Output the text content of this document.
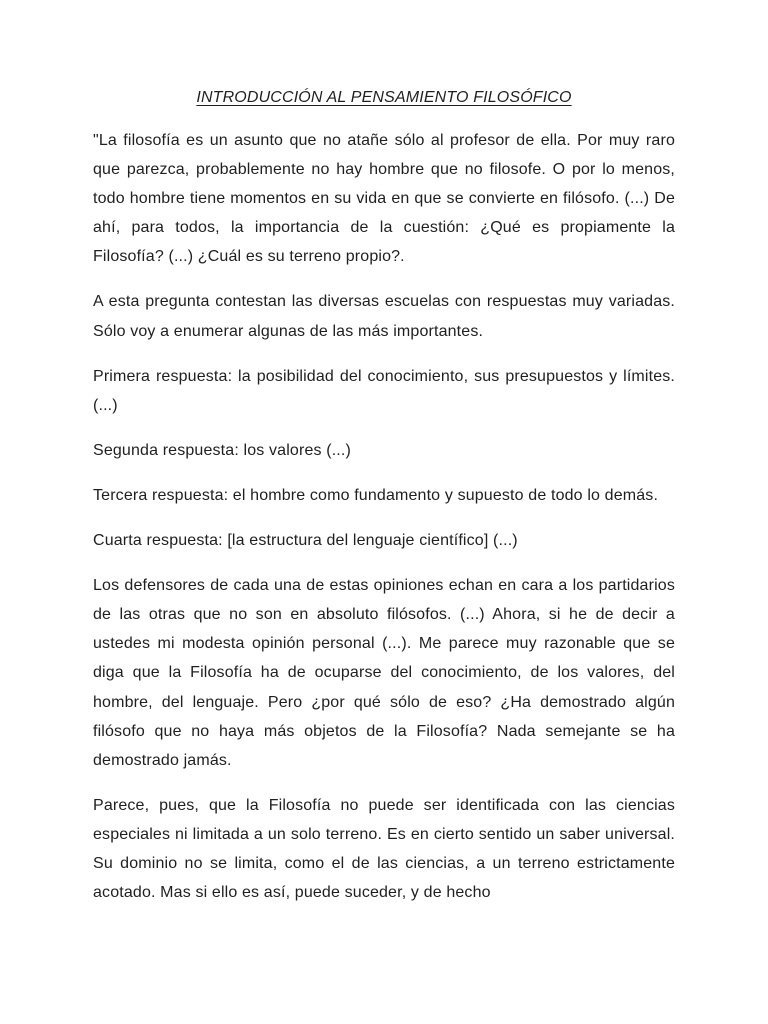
INTRODUCCIÓN AL PENSAMIENTO FILOSÓFICO

"La filosofía es un asunto que no atañe sólo al profesor de ella. Por muy raro que parezca, probablemente no hay hombre que no filosofe. O por lo menos, todo hombre tiene momentos en su vida en que se convierte en filósofo. (...) De ahí, para todos, la importancia de la cuestión: ¿Qué es propiamente la Filosofía? (...) ¿Cuál es su terreno propio?.

A esta pregunta contestan las diversas escuelas con respuestas muy variadas. Sólo voy a enumerar algunas de las más importantes.

Primera respuesta: la posibilidad del conocimiento, sus presupuestos y límites. (...)

Segunda respuesta: los valores (...)

Tercera respuesta: el hombre como fundamento y supuesto de todo lo demás.

Cuarta respuesta: [la estructura del lenguaje científico] (...)

Los defensores de cada una de estas opiniones echan en cara a los partidarios de las otras que no son en absoluto filósofos. (...) Ahora, si he de decir a ustedes mi modesta opinión personal (...). Me parece muy razonable que se diga que la Filosofía ha de ocuparse del conocimiento, de los valores, del hombre, del lenguaje. Pero ¿por qué sólo de eso? ¿Ha demostrado algún filósofo que no haya más objetos de la Filosofía? Nada semejante se ha demostrado jamás.

Parece, pues, que la Filosofía no puede ser identificada con las ciencias especiales ni limitada a un solo terreno. Es en cierto sentido un saber universal. Su dominio no se limita, como el de las ciencias, a un terreno estrictamente acotado. Mas si ello es así, puede suceder, y de hecho
